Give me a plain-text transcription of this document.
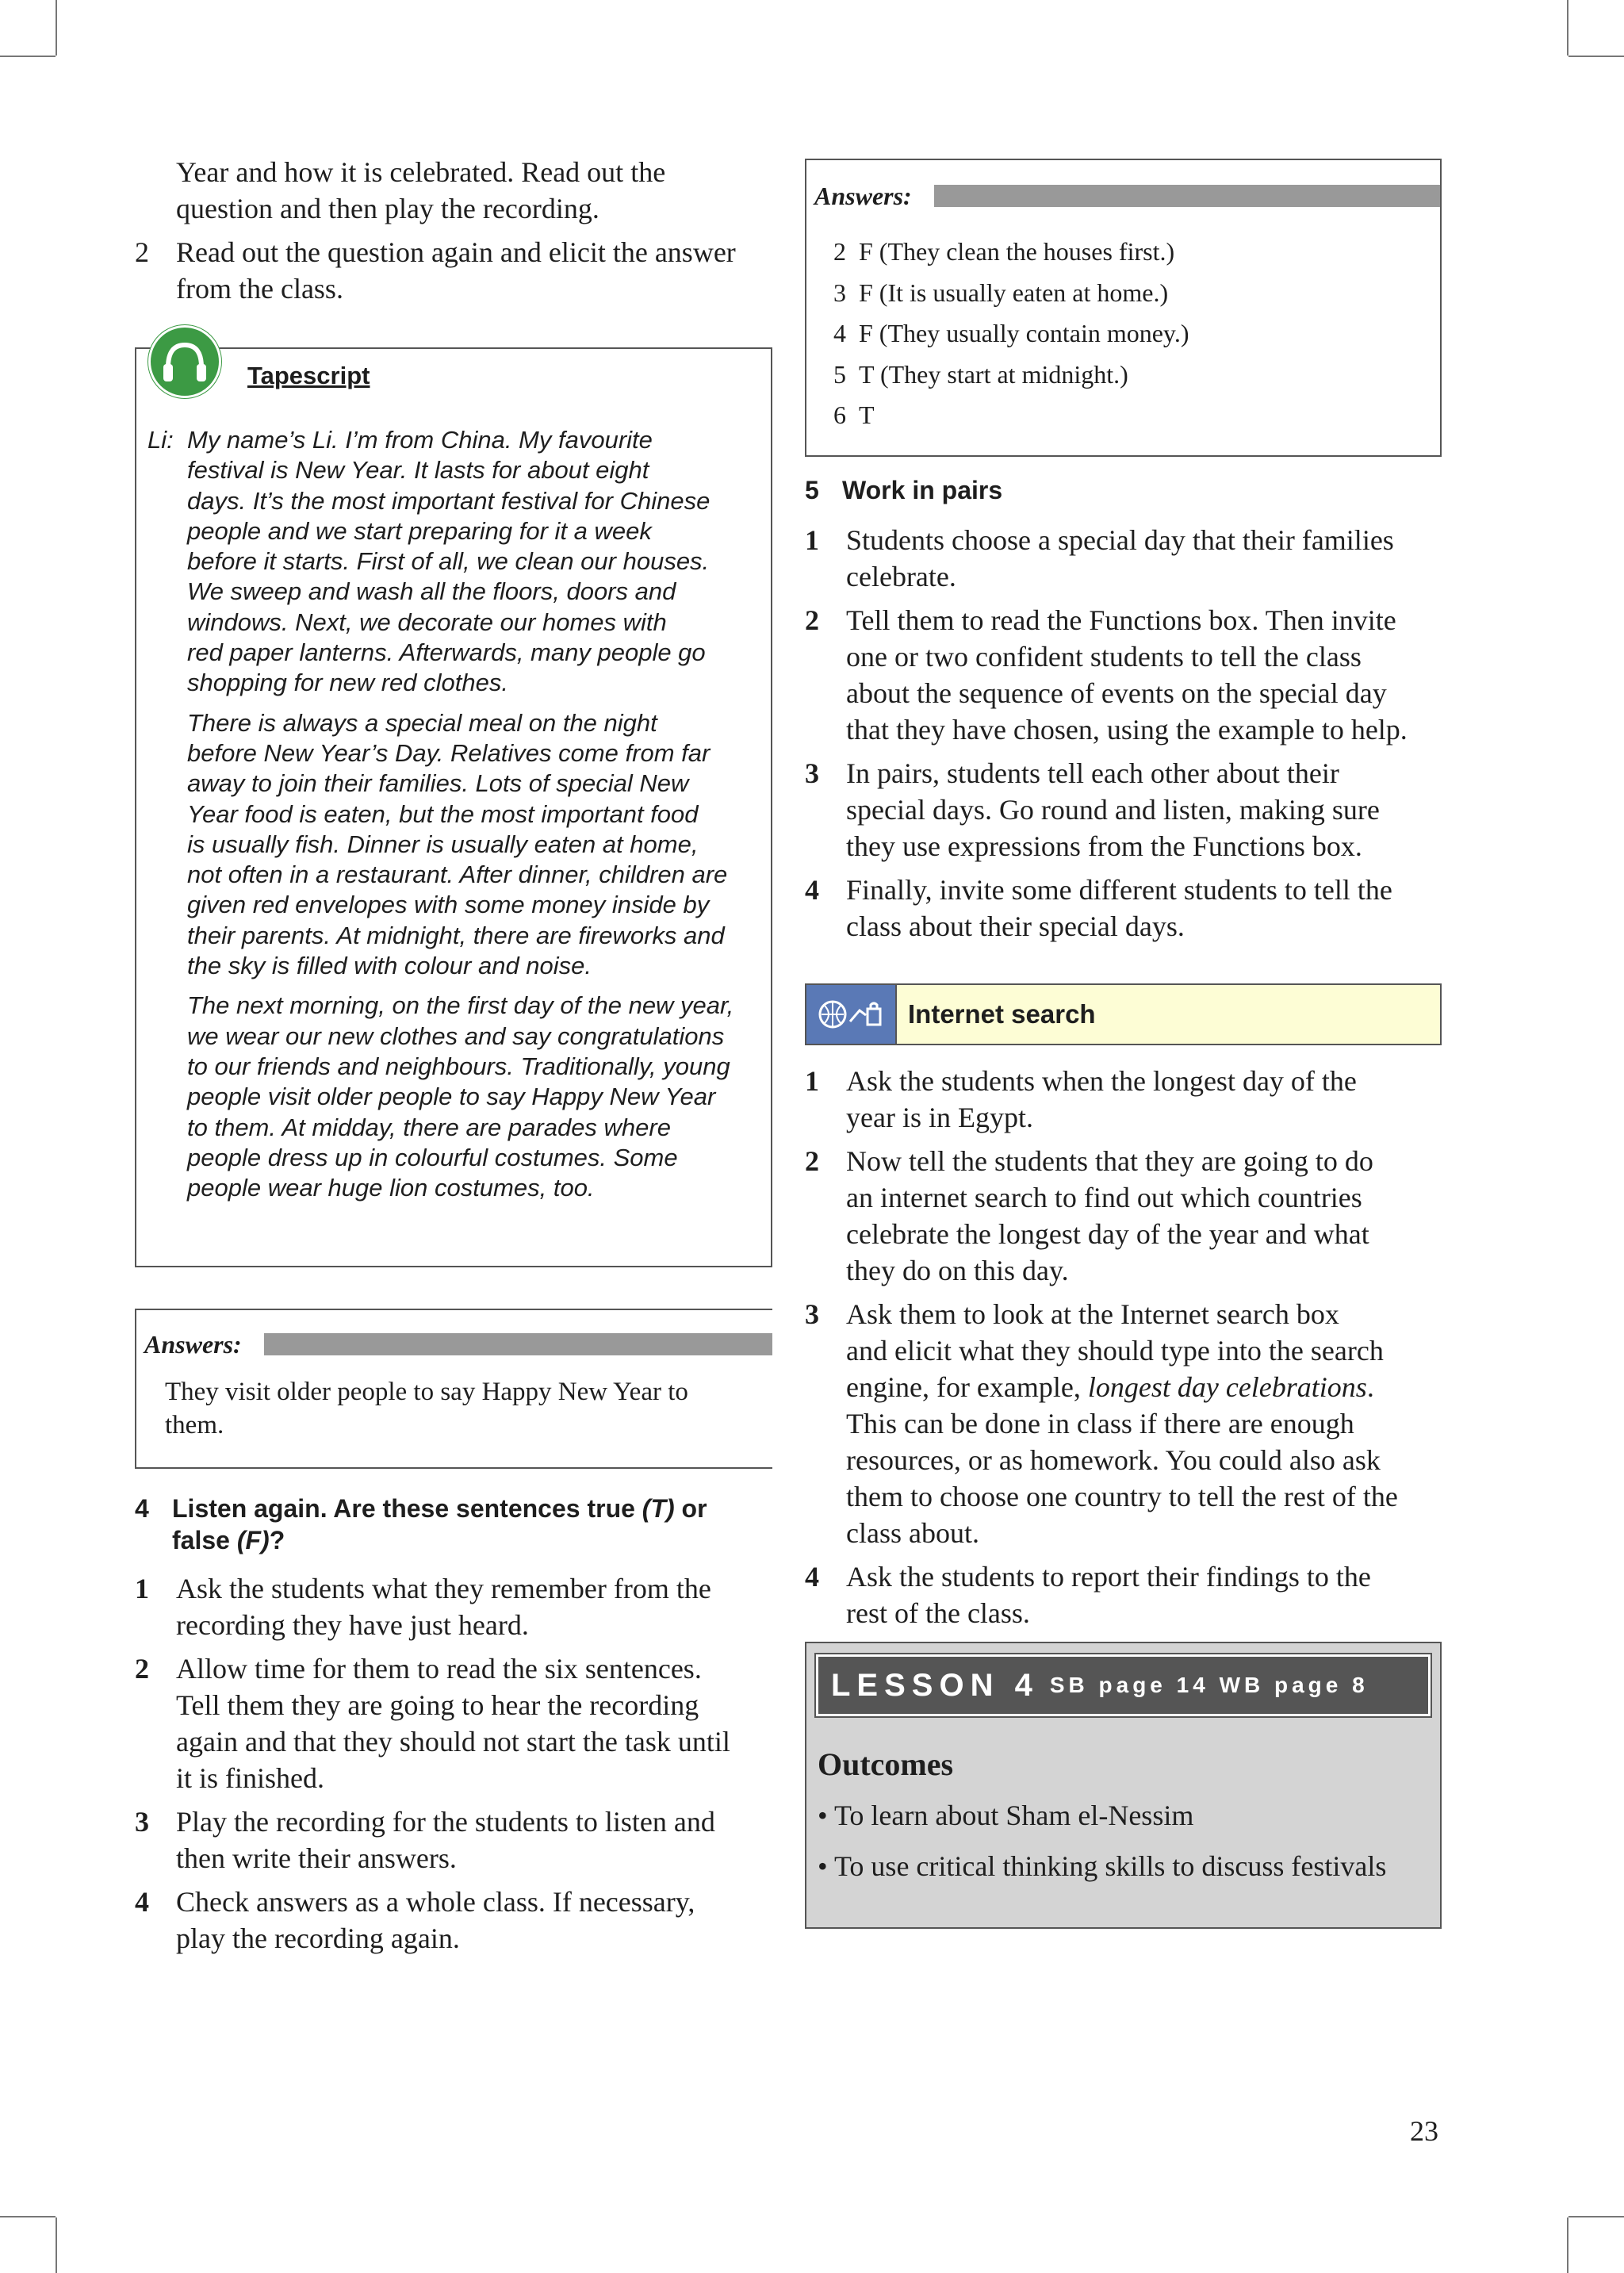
Year and how it is celebrated. Read out the
question and then play the recording.
2 Read out the question again and elicit the answer
from the class.
Tapescript
Li: My name’s Li. I’m from China. My favourite
festival is New Year. It lasts for about eight
days. It’s the most important festival for Chinese
people and we start preparing for it a week
before it starts. First of all, we clean our houses.
We sweep and wash all the floors, doors and
windows. Next, we decorate our homes with
red paper lanterns. Afterwards, many people go
shopping for new red clothes.
There is always a special meal on the night
before New Year’s Day. Relatives come from far
away to join their families. Lots of special New
Year food is eaten, but the most important food
is usually fish. Dinner is usually eaten at home,
not often in a restaurant. After dinner, children are
given red envelopes with some money inside by
their parents. At midnight, there are fireworks and
the sky is filled with colour and noise.
The next morning, on the first day of the new year,
we wear our new clothes and say congratulations
to our friends and neighbours. Traditionally, young
people visit older people to say Happy New Year
to them. At midday, there are parades where
people dress up in colourful costumes. Some
people wear huge lion costumes, too.
Answers:
They visit older people to say Happy New Year to
them.
4 Listen again. Are these sentences true (T) or
false (F)?
1 Ask the students what they remember from the
recording they have just heard.
2 Allow time for them to read the six sentences.
Tell them they are going to hear the recording
again and that they should not start the task until
it is finished.
3 Play the recording for the students to listen and
then write their answers.
4 Check answers as a whole class. If necessary,
play the recording again.
Answers:
2 F (They clean the houses first.)
3 F (It is usually eaten at home.)
4 F (They usually contain money.)
5 T (They start at midnight.)
6 T
5 Work in pairs
1 Students choose a special day that their families
celebrate.
2 Tell them to read the Functions box. Then invite
one or two confident students to tell the class
about the sequence of events on the special day
that they have chosen, using the example to help.
3 In pairs, students tell each other about their
special days. Go round and listen, making sure
they use expressions from the Functions box.
4 Finally, invite some different students to tell the
class about their special days.
Internet search
1 Ask the students when the longest day of the
year is in Egypt.
2 Now tell the students that they are going to do
an internet search to find out which countries
celebrate the longest day of the year and what
they do on this day.
3 Ask them to look at the Internet search box
and elicit what they should type into the search
engine, for example, longest day celebrations.
This can be done in class if there are enough
resources, or as homework. You could also ask
them to choose one country to tell the rest of the
class about.
4 Ask the students to report their findings to the
rest of the class.
LESSON 4 SB page 14 WB page 8
Outcomes
• To learn about Sham el-Nessim
• To use critical thinking skills to discuss festivals
23
